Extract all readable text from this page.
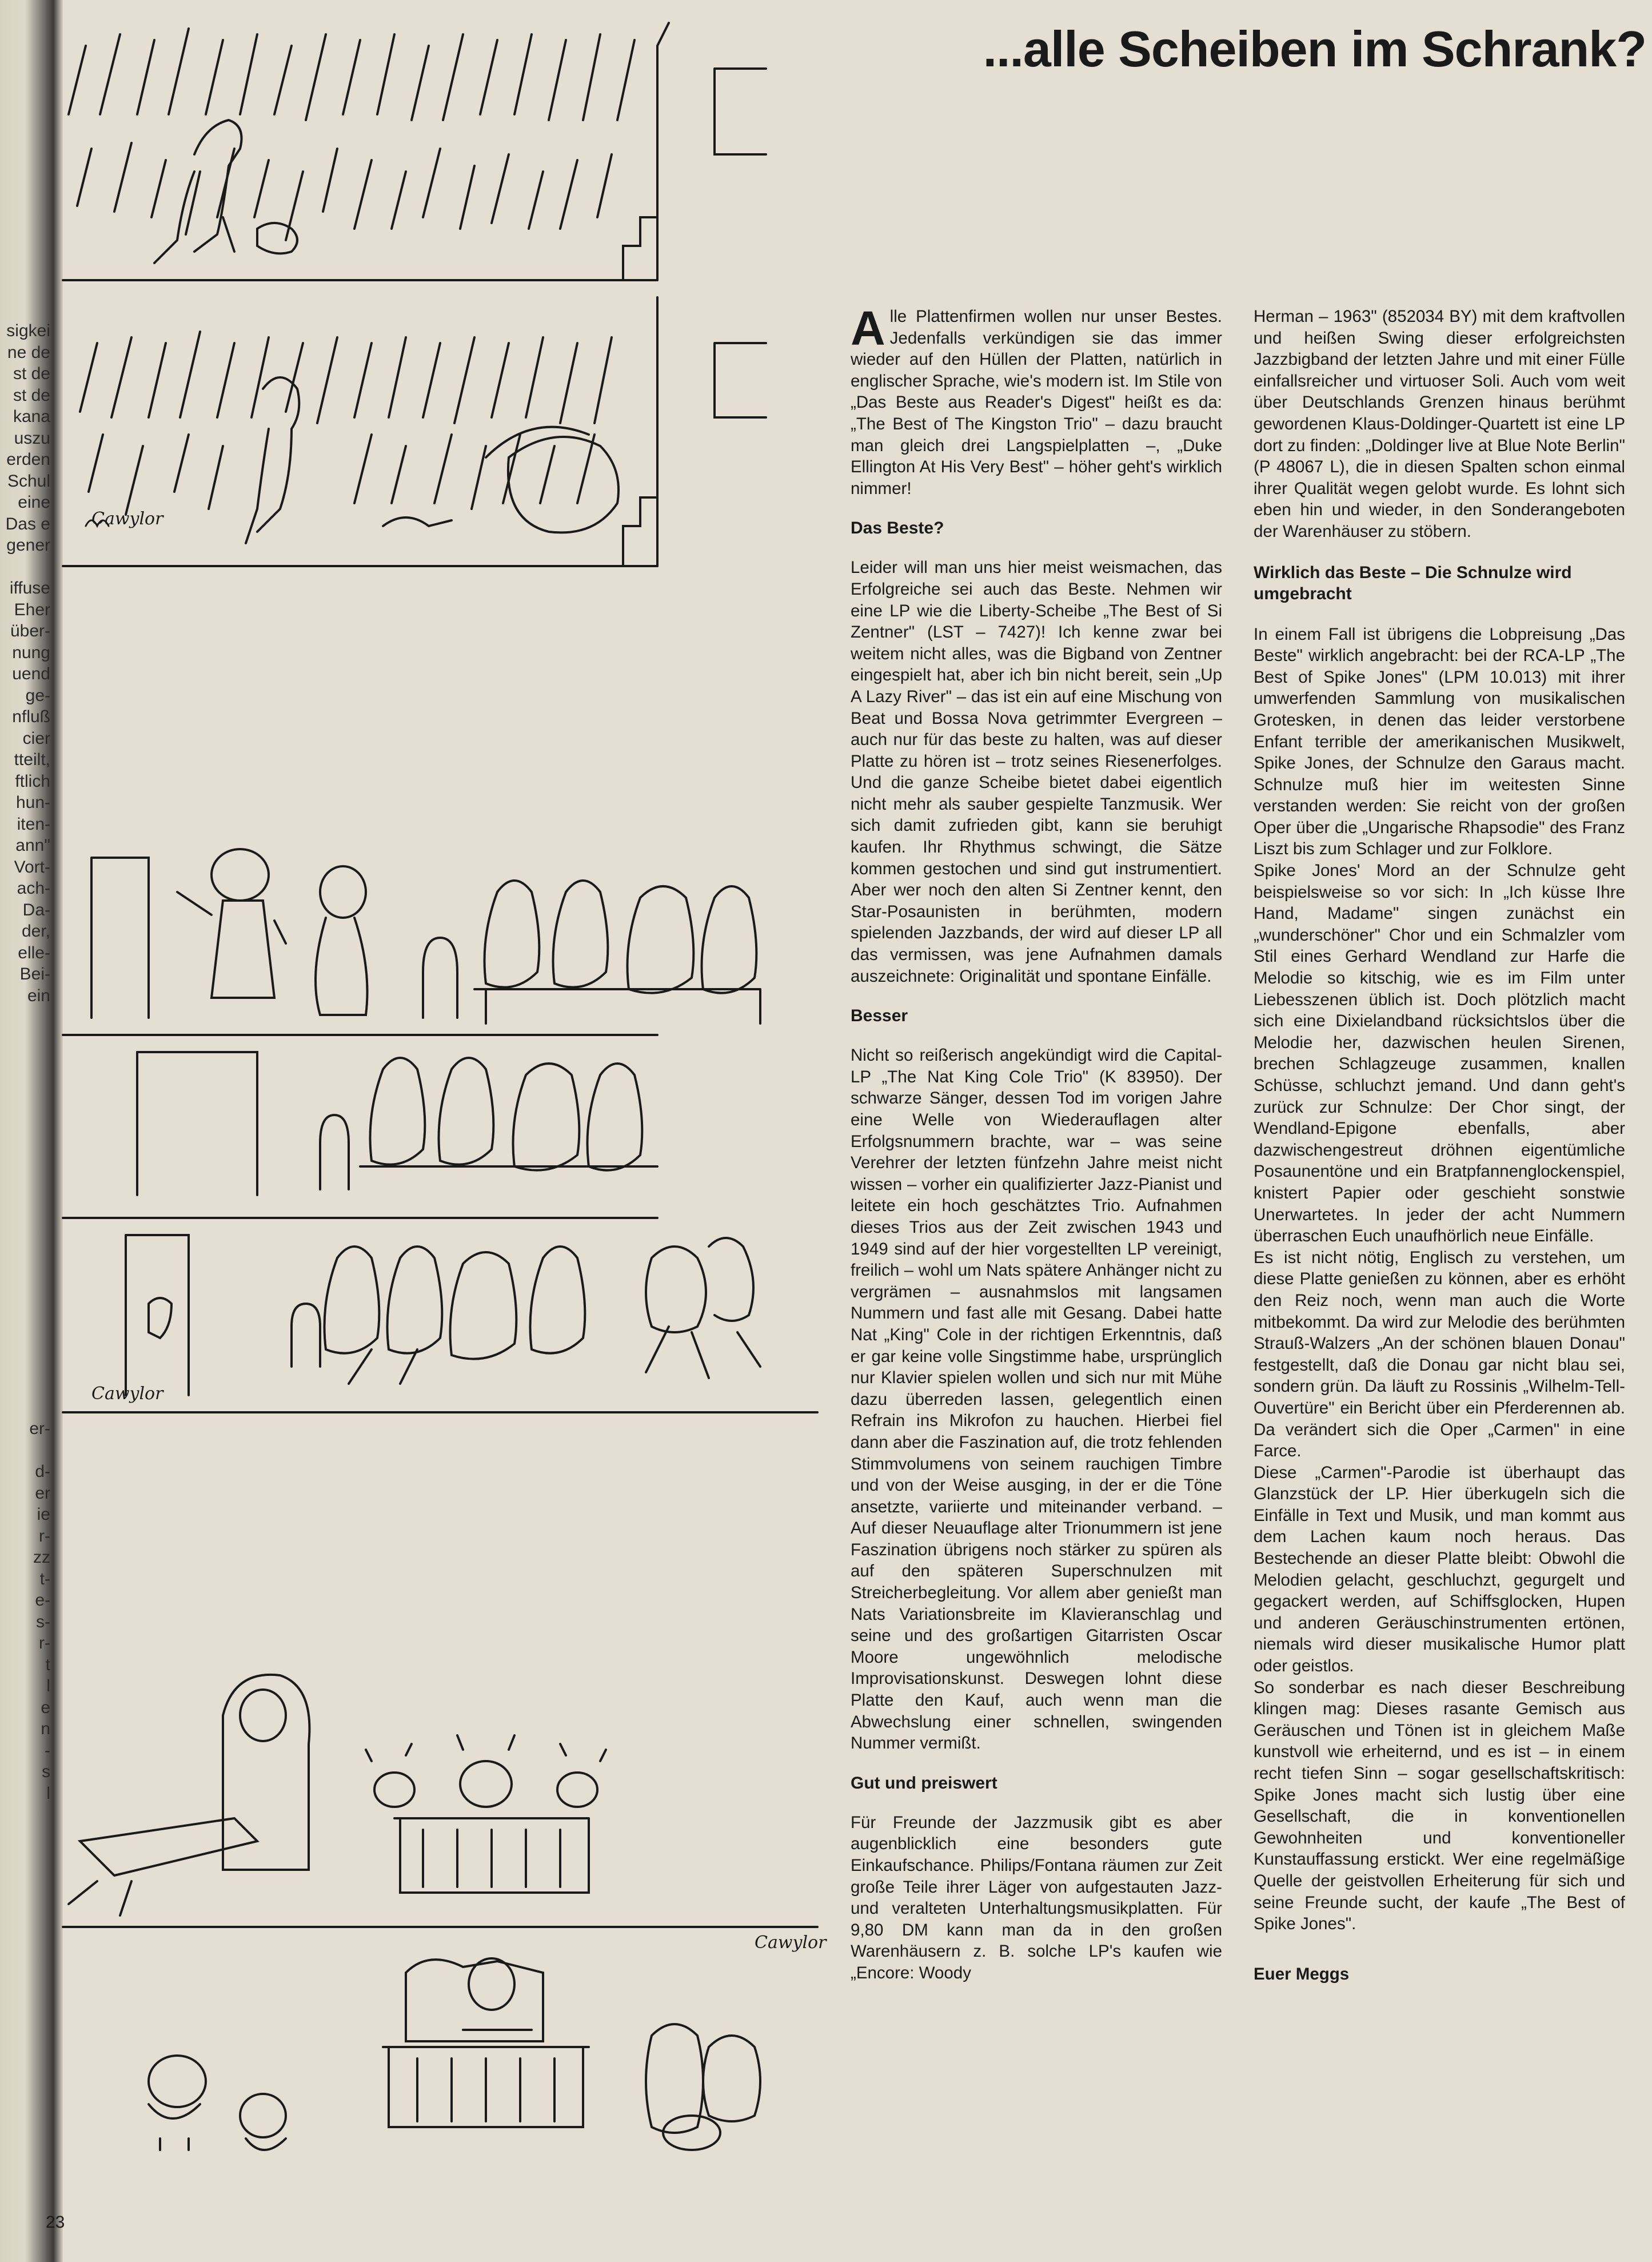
sigkei
ne de
st de
st de
kana
uszu
erden
Schul
eine
Das e
gener

iffuse
Eher
über-
nung
uend
ge-
nfluß
cier
tteilt,
ftlich
hun-
iten-
ann"
Vort-
ach-
Da-
der,
elle-
Bei-
ein
er-

d-
er
ie
r-
zz
t-
e-
s-
r-
t
l
e
n
-
s
l
Cawylor
Cawylor
Cawylor
...alle Scheiben im Schrank?

Alle Plattenfirmen wollen nur unser Bestes. Jedenfalls verkündigen sie das immer wieder auf den Hüllen der Platten, natürlich in englischer Sprache, wie's modern ist. Im Stile von „Das Beste aus Reader's Digest" heißt es da: „The Best of The Kingston Trio" – dazu braucht man gleich drei Langspielplatten –, „Duke Ellington At His Very Best" – höher geht's wirklich nimmer!

Das Beste?

Leider will man uns hier meist weismachen, das Erfolgreiche sei auch das Beste. Nehmen wir eine LP wie die Liberty-Scheibe „The Best of Si Zentner" (LST – 7427)! Ich kenne zwar bei weitem nicht alles, was die Bigband von Zentner eingespielt hat, aber ich bin nicht bereit, sein „Up A Lazy River" – das ist ein auf eine Mischung von Beat und Bossa Nova getrimmter Evergreen – auch nur für das beste zu halten, was auf dieser Platte zu hören ist – trotz seines Riesenerfolges. Und die ganze Scheibe bietet dabei eigentlich nicht mehr als sauber gespielte Tanzmusik. Wer sich damit zufrieden gibt, kann sie beruhigt kaufen. Ihr Rhythmus schwingt, die Sätze kommen gestochen und sind gut instrumentiert. Aber wer noch den alten Si Zentner kennt, den Star-Posaunisten in berühmten, modern spielenden Jazzbands, der wird auf dieser LP all das vermissen, was jene Aufnahmen damals auszeichnete: Originalität und spontane Einfälle.

Besser

Nicht so reißerisch angekündigt wird die Capital-LP „The Nat King Cole Trio" (K 83950). Der schwarze Sänger, dessen Tod im vorigen Jahre eine Welle von Wiederauflagen alter Erfolgsnummern brachte, war – was seine Verehrer der letzten fünfzehn Jahre meist nicht wissen – vorher ein qualifizierter Jazz-Pianist und leitete ein hoch geschätztes Trio. Aufnahmen dieses Trios aus der Zeit zwischen 1943 und 1949 sind auf der hier vorgestellten LP vereinigt, freilich – wohl um Nats spätere Anhänger nicht zu vergrämen – ausnahmslos mit langsamen Nummern und fast alle mit Gesang. Dabei hatte Nat „King" Cole in der richtigen Erkenntnis, daß er gar keine volle Singstimme habe, ursprünglich nur Klavier spielen wollen und sich nur mit Mühe dazu überreden lassen, gelegentlich einen Refrain ins Mikrofon zu hauchen. Hierbei fiel dann aber die Faszination auf, die trotz fehlenden Stimmvolumens von seinem rauchigen Timbre und von der Weise ausging, in der er die Töne ansetzte, variierte und miteinander verband. – Auf dieser Neuauflage alter Trionummern ist jene Faszination übrigens noch stärker zu spüren als auf den späteren Superschnulzen mit Streicherbegleitung. Vor allem aber genießt man Nats Variationsbreite im Klavieranschlag und seine und des großartigen Gitarristen Oscar Moore ungewöhnlich melodische Improvisationskunst. Deswegen lohnt diese Platte den Kauf, auch wenn man die Abwechslung einer schnellen, swingenden Nummer vermißt.

Gut und preiswert

Für Freunde der Jazzmusik gibt es aber augenblicklich eine besonders gute Einkaufschance. Philips/Fontana räumen zur Zeit große Teile ihrer Läger von aufgestauten Jazz- und veralteten Unterhaltungsmusikplatten. Für 9,80 DM kann man da in den großen Warenhäusern z. B. solche LP's kaufen wie „Encore: Woody

Herman – 1963" (852034 BY) mit dem kraftvollen und heißen Swing dieser erfolgreichsten Jazzbigband der letzten Jahre und mit einer Fülle einfallsreicher und virtuoser Soli. Auch vom weit über Deutschlands Grenzen hinaus berühmt gewordenen Klaus-Doldinger-Quartett ist eine LP dort zu finden: „Doldinger live at Blue Note Berlin" (P 48067 L), die in diesen Spalten schon einmal ihrer Qualität wegen gelobt wurde. Es lohnt sich eben hin und wieder, in den Sonderangeboten der Warenhäuser zu stöbern.

Wirklich das Beste – Die Schnulze wird umgebracht

In einem Fall ist übrigens die Lobpreisung „Das Beste" wirklich angebracht: bei der RCA-LP „The Best of Spike Jones" (LPM 10.013) mit ihrer umwerfenden Sammlung von musikalischen Grotesken, in denen das leider verstorbene Enfant terrible der amerikanischen Musikwelt, Spike Jones, der Schnulze den Garaus macht. Schnulze muß hier im weitesten Sinne verstanden werden: Sie reicht von der großen Oper über die „Ungarische Rhapsodie" des Franz Liszt bis zum Schlager und zur Folklore.

Spike Jones' Mord an der Schnulze geht beispielsweise so vor sich: In „Ich küsse Ihre Hand, Madame" singen zunächst ein „wunderschöner" Chor und ein Schmalzler vom Stil eines Gerhard Wendland zur Harfe die Melodie so kitschig, wie es im Film unter Liebesszenen üblich ist. Doch plötzlich macht sich eine Dixielandband rücksichtslos über die Melodie her, dazwischen heulen Sirenen, brechen Schlagzeuge zusammen, knallen Schüsse, schluchzt jemand. Und dann geht's zurück zur Schnulze: Der Chor singt, der Wendland-Epigone ebenfalls, aber dazwischengestreut dröhnen eigentümliche Posaunentöne und ein Bratpfannenglockenspiel, knistert Papier oder geschieht sonstwie Unerwartetes. In jeder der acht Nummern überraschen Euch unaufhörlich neue Einfälle.

Es ist nicht nötig, Englisch zu verstehen, um diese Platte genießen zu können, aber es erhöht den Reiz noch, wenn man auch die Worte mitbekommt. Da wird zur Melodie des berühmten Strauß-Walzers „An der schönen blauen Donau" festgestellt, daß die Donau gar nicht blau sei, sondern grün. Da läuft zu Rossinis „Wilhelm-Tell-Ouvertüre" ein Bericht über ein Pferderennen ab. Da verändert sich die Oper „Carmen" in eine Farce.

Diese „Carmen"-Parodie ist überhaupt das Glanzstück der LP. Hier überkugeln sich die Einfälle in Text und Musik, und man kommt aus dem Lachen kaum noch heraus. Das Bestechende an dieser Platte bleibt: Obwohl die Melodien gelacht, geschluchzt, gegurgelt und gegackert werden, auf Schiffsglocken, Hupen und anderen Geräuschinstrumenten ertönen, niemals wird dieser musikalische Humor platt oder geistlos.

So sonderbar es nach dieser Beschreibung klingen mag: Dieses rasante Gemisch aus Geräuschen und Tönen ist in gleichem Maße kunstvoll wie erheiternd, und es ist – in einem recht tiefen Sinn – sogar gesellschaftskritisch: Spike Jones macht sich lustig über eine Gesellschaft, die in konventionellen Gewohnheiten und konventioneller Kunstauffassung erstickt. Wer eine regelmäßige Quelle der geistvollen Erheiterung für sich und seine Freunde sucht, der kaufe „The Best of Spike Jones".

Euer Meggs

23
